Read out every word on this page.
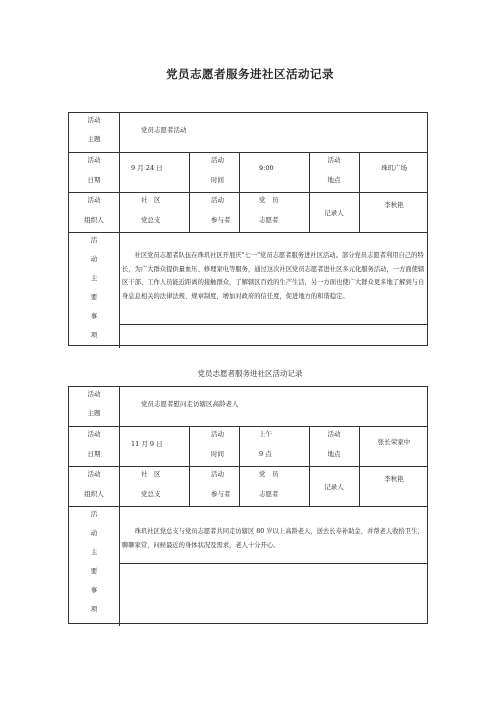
党员志愿者服务进社区活动记录
活动
主题
党员志愿者活动
活动
日期
9 月 24 日
活动
时间
9:00
活动
地点
珠玑广场
活动
组织人
社　区
党总支
活动
参与者
党　员
志愿者
记录人
李秋艳
活
动
主
要
事
项
社区党员志愿者队伍在珠玑社区开展庆"七一"党员志愿者服务进社区活动。部分党员志愿者利用自己的特长，为广大群众提供量血压、修理家电等服务，通过这次社区党员志愿者进社区多元化服务活动，一方面使辖区干部、工作人员能近距离的接触群众，了解辖区百姓的生产生活，另一方面也使广大群众更多地了解到与自身息息相关的法律法规、规章制度，增加对政府的信任度，促进地方的和谐稳定。
党员志愿者服务进社区活动记录
活动
主题
党员志愿者慰问走访辖区高龄老人
活动
日期
11 月 9 日
活动
时间
上午
9 点
活动
地点
张长荣家中
活动
组织人
社　区
党总支
活动
参与者
党　员
志愿者
记录人
李秋艳
活
动
主
要
事
项
珠玑社区党总支与党员志愿者共同走访辖区 80 岁以上高龄老人，送去长寿补助金，并帮老人收拾卫生，聊聊家常，问候最近的身体状况及需求，老人十分开心。
